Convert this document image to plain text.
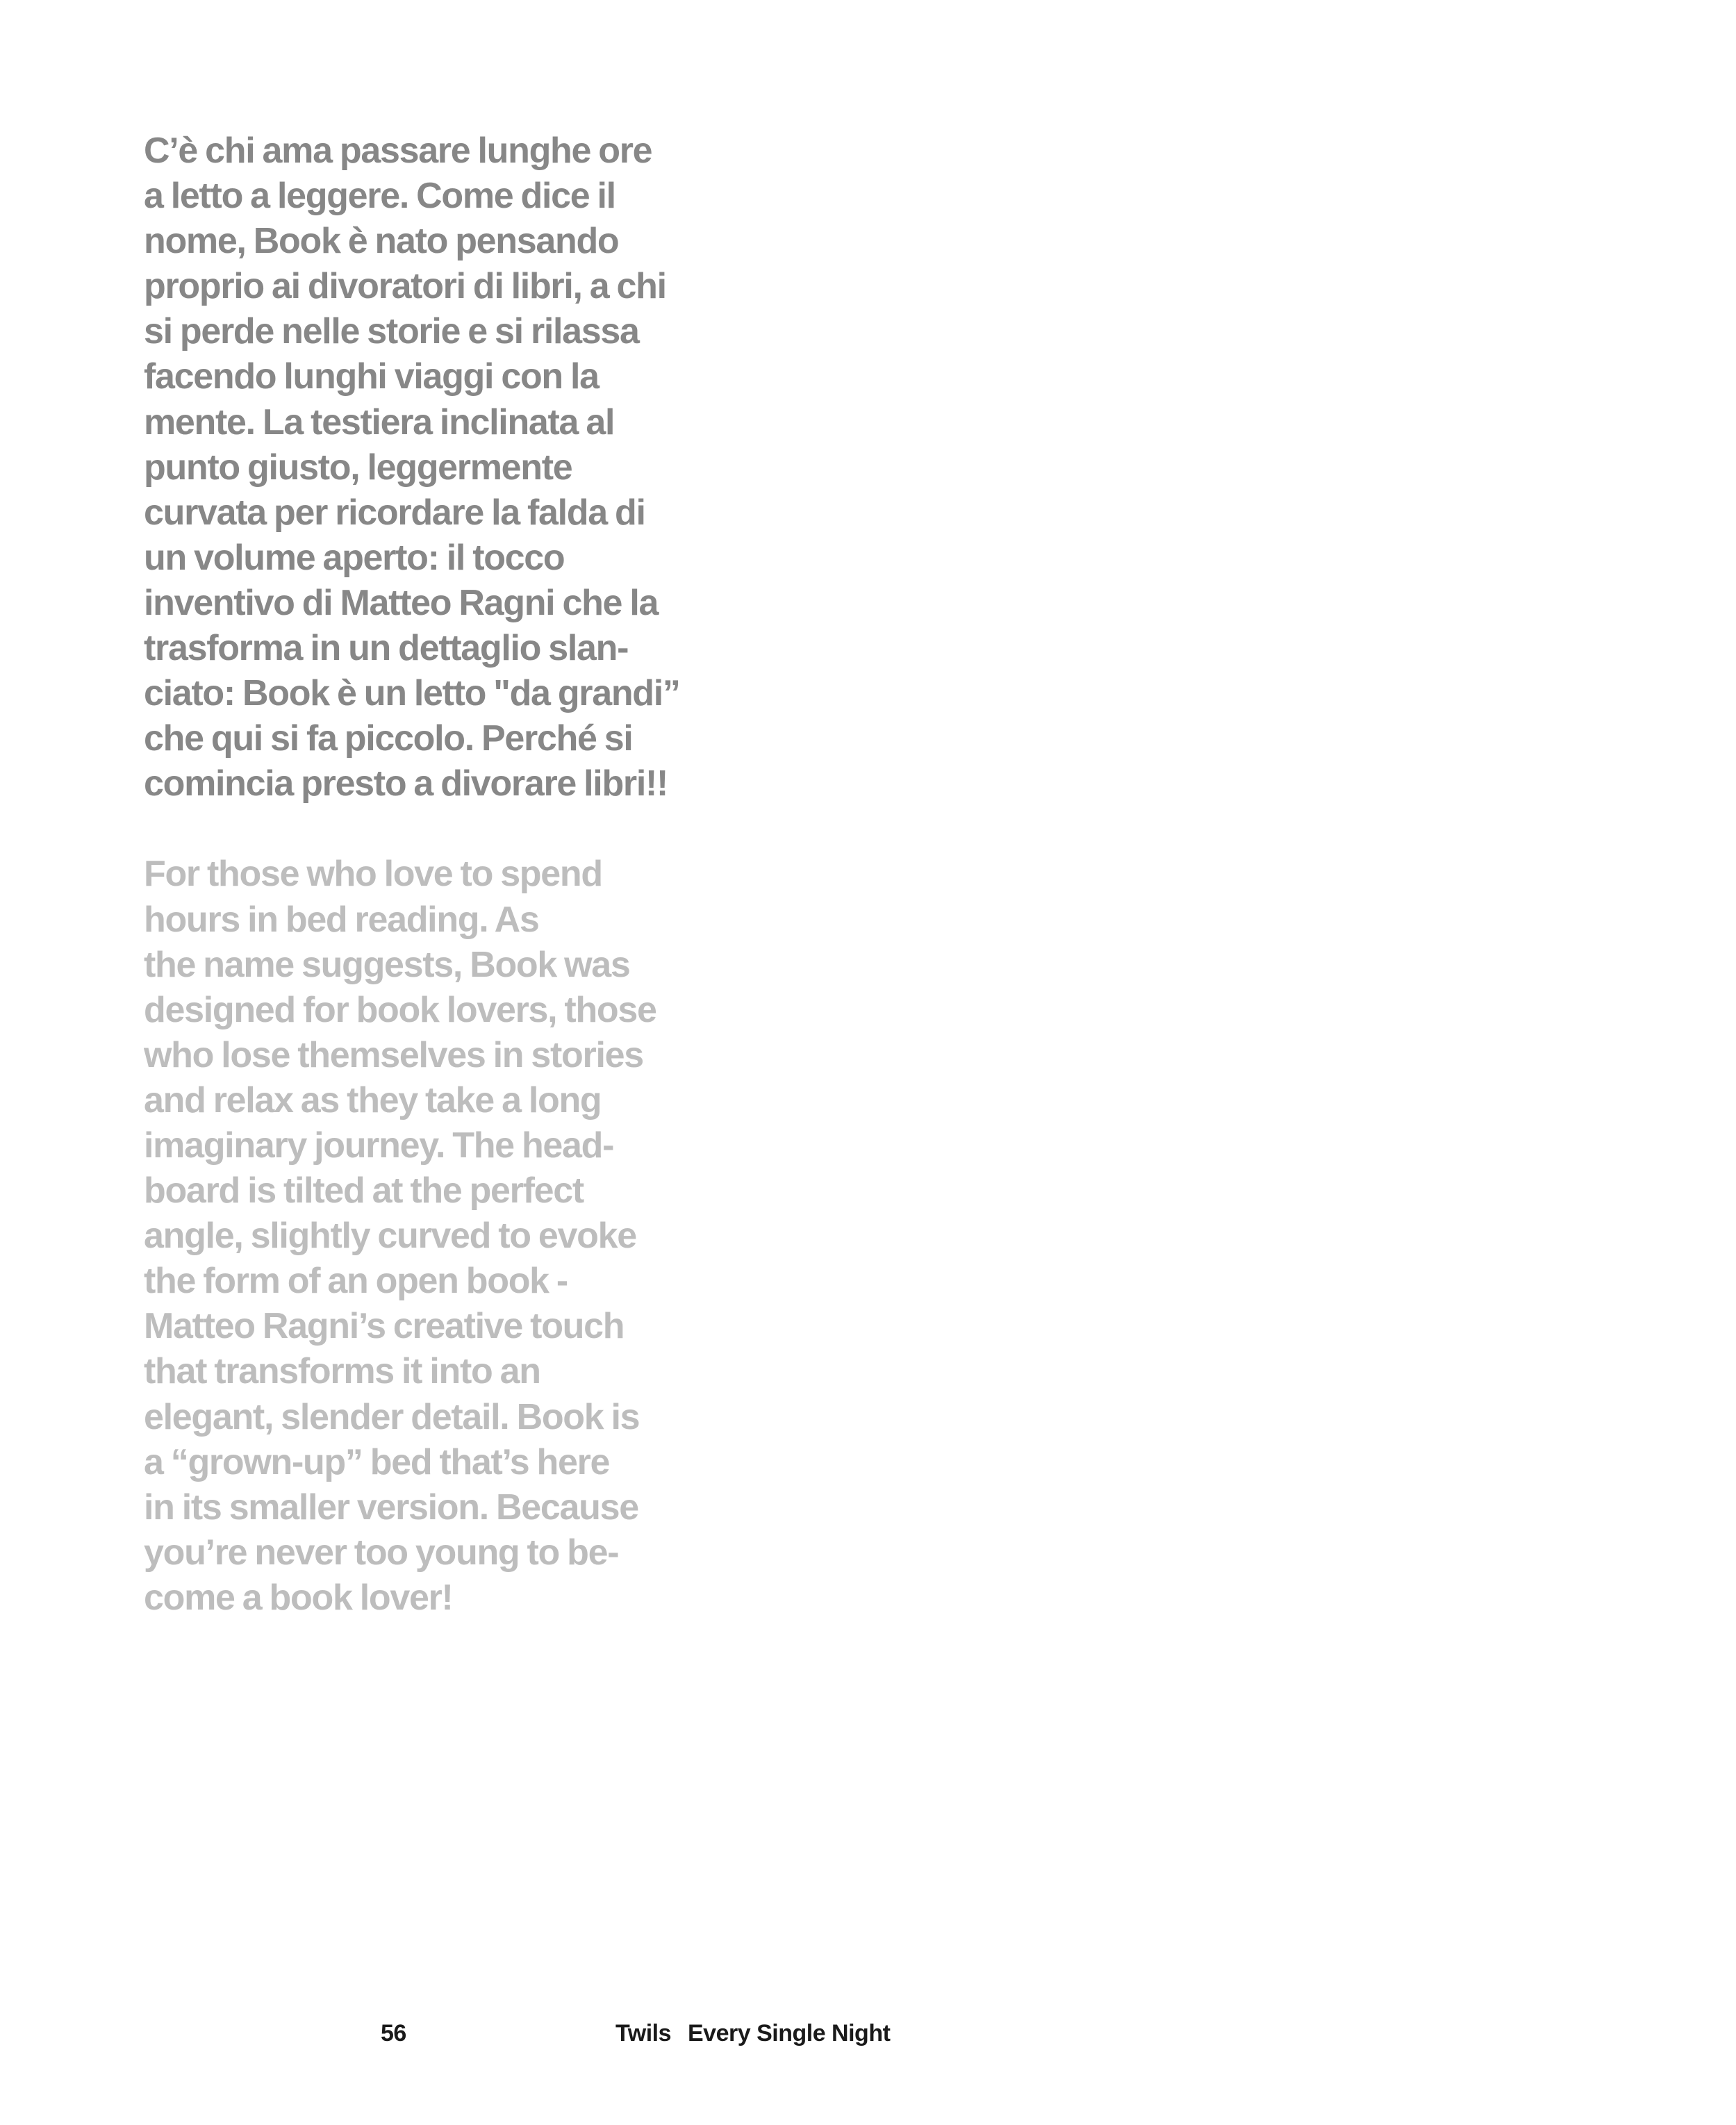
C’è chi ama passare lunghe ore
a letto a leggere. Come dice il
nome, Book è nato pensando
proprio ai divoratori di libri, a chi
si perde nelle storie e si rilassa
facendo lunghi viaggi con la
mente. La testiera inclinata al
punto giusto, leggermente
curvata per ricordare la falda di
un volume aperto: il tocco
inventivo di Matteo Ragni che la
trasforma in un dettaglio slan-
ciato: Book è un letto "da grandi”
che qui si fa piccolo. Perché si
comincia presto a divorare libri!!

For those who love to spend
hours in bed reading. As
the name suggests, Book was
designed for book lovers, those
who lose themselves in stories
and relax as they take a long
imaginary journey. The head-
board is tilted at the perfect
angle, slightly curved to evoke
the form of an open book -
Matteo Ragni’s creative touch
that transforms it into an
elegant, slender detail. Book is
a “grown-up” bed that’s here
in its smaller version. Because
you’re never too young to be-
come a book lover!

56	Twils Every Single Night
